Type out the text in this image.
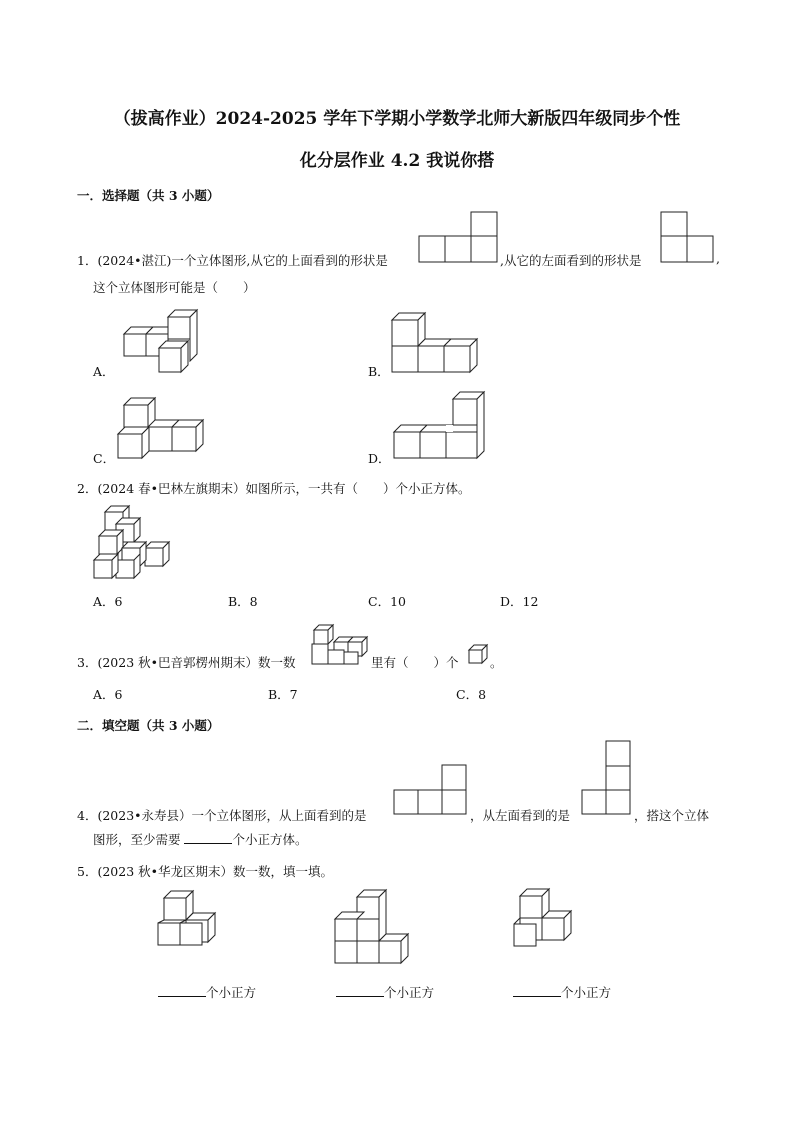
（拔高作业）2024-2025 学年下学期小学数学北师大新版四年级同步个性
化分层作业 4.2 我说你搭
一．选择题（共 3 小题）
1．(2024•湛江)一个立体图形,从它的上面看到的形状是	,从它的左面看到的形状是	,
这个立体图形可能是（　　）
A．	B．
C．	D．
2．(2024 春•巴林左旗期末）如图所示，一共有（　　）个小正方体。
A．6	B．8	C．10	D．12
3．(2023 秋•巴音郭楞州期末）数一数	里有（　　）个	。
A．6	B．7	C．8
二．填空题（共 3 小题）
4．(2023•永寿县）一个立体图形，从上面看到的是	，从左面看到的是	，搭这个立体
图形，至少需要	个小正方体。
5．(2023 秋•华龙区期末）数一数，填一填。
个小正方	个小正方	个小正方
